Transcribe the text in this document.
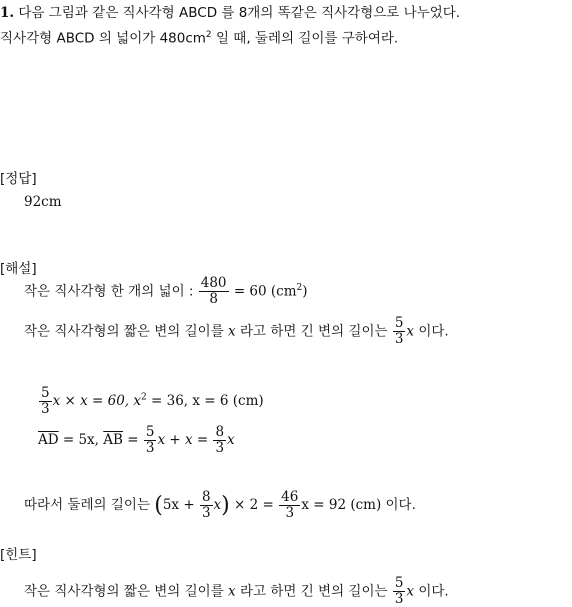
1. 다음 그림과 같은 직사각형 ABCD 를 8개의 똑같은 직사각형으로 나누었다.
직사각형 ABCD 의 넓이가 $480cm^2$ 일 때, 둘레의 길이를 구하여라.
[정답]
92cm
[해설]
작은 직사각형 한 개의 넓이 : $\frac{480}{8} = 60$ $(cm^2)$
작은 직사각형의 짧은 변의 길이를 x 라고 하면 긴 변의 길이는 $\frac{5}{3}$ x 이다.
$\frac{5}{3}$ x × x = 60, $x^2 = 36$, x = 6 (cm)
$\overline{AD} = 5x$, $\overline{AB} = \frac{5}{3}$ $x + x = \frac{8}{3}$ x
따라서 둘레의 길이는 $(5x + \frac{8}{3} x) \times 2 = \frac{46}{3}$ x = 92 (cm) 이다.
[힌트]
작은 직사각형의 짧은 변의 길이를 x 라고 하면 긴 변의 길이는 $\frac{5}{3}$ x 이다.
